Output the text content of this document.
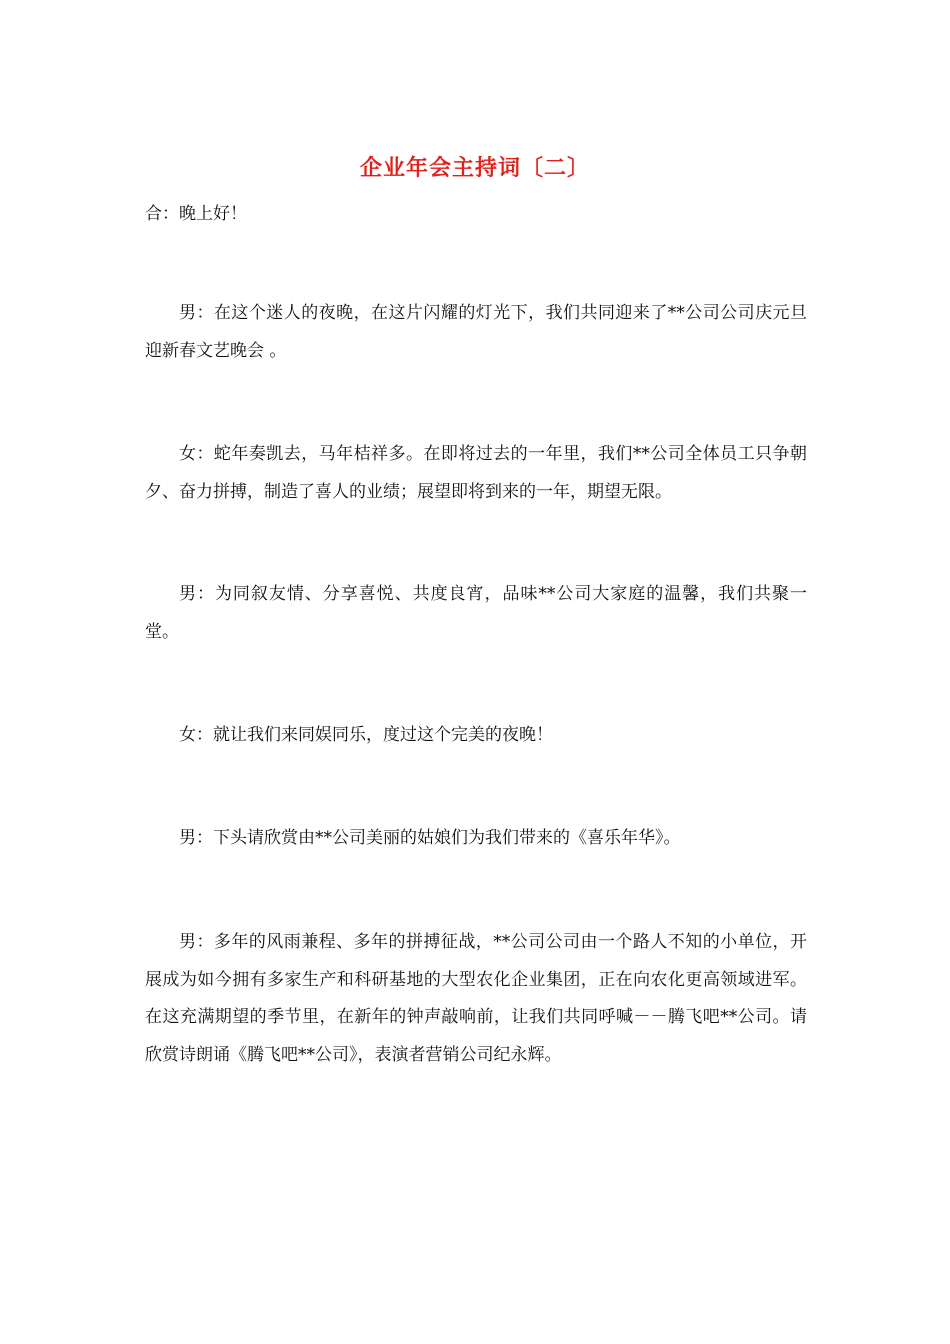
企业年会主持词〔二〕
合：晚上好！
男：在这个迷人的夜晚，在这片闪耀的灯光下，我们共同迎来了**公司公司庆元旦迎新春文艺晚会 。
女：蛇年奏凯去，马年桔祥多。在即将过去的一年里，我们**公司全体员工只争朝夕、奋力拼搏，制造了喜人的业绩；展望即将到来的一年，期望无限。
男：为同叙友情、分享喜悦、共度良宵，品味**公司大家庭的温馨，我们共聚一堂。
女：就让我们来同娱同乐，度过这个完美的夜晚！
男：下头请欣赏由**公司美丽的姑娘们为我们带来的《喜乐年华》。
男：多年的风雨兼程、多年的拼搏征战，**公司公司由一个路人不知的小单位，开展成为如今拥有多家生产和科研基地的大型农化企业集团，正在向农化更高领域进军。在这充满期望的季节里，在新年的钟声敲响前，让我们共同呼喊－－腾飞吧**公司。请欣赏诗朗诵《腾飞吧**公司》，表演者营销公司纪永辉。
